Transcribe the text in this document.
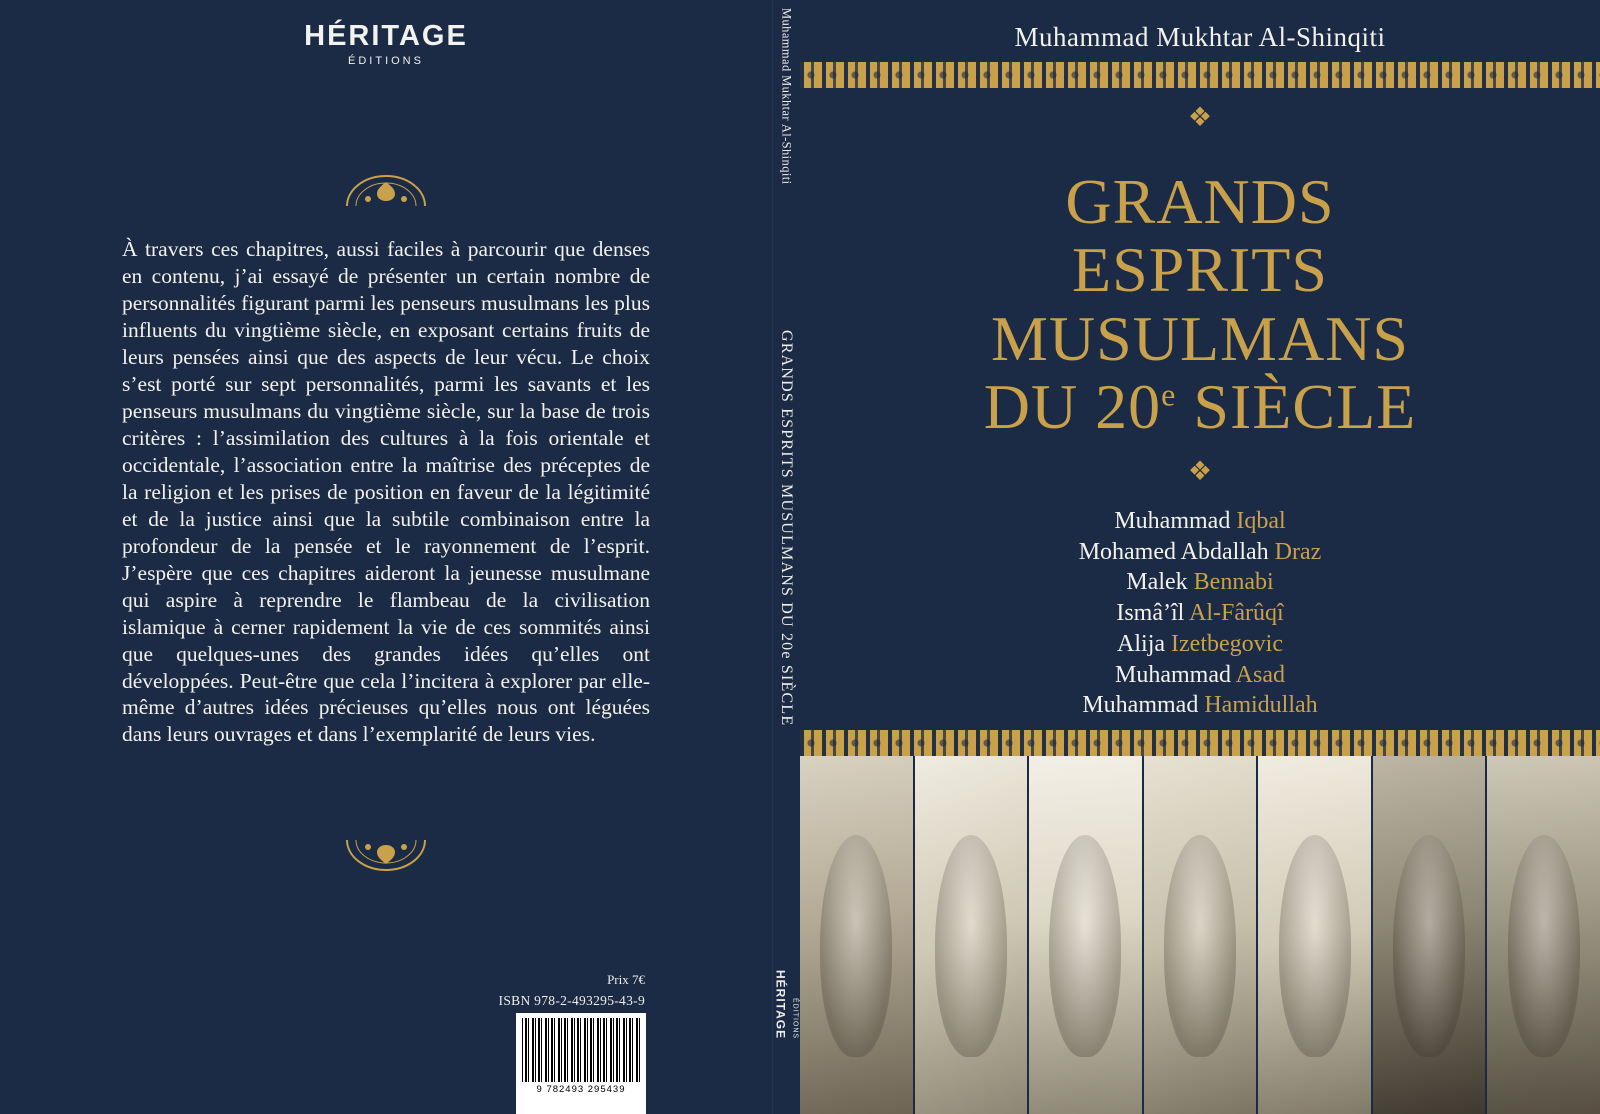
HÉRITAGE
ÉDITIONS
À travers ces chapitres, aussi faciles à parcourir que denses en contenu, j’ai essayé de présenter un certain nombre de personnalités figurant parmi les penseurs musulmans les plus influents du vingtième siècle, en exposant certains fruits de leurs pensées ainsi que des aspects de leur vécu. Le choix s’est porté sur sept personnalités, parmi les savants et les penseurs musulmans du vingtième siècle, sur la base de trois critères : l’assimilation des cultures à la fois orientale et occidentale, l’association entre la maîtrise des préceptes de la religion et les prises de position en faveur de la légitimité et de la justice ainsi que la subtile combinaison entre la profondeur de la pensée et le rayonnement de l’esprit. J’espère que ces chapitres aideront la jeunesse musulmane qui aspire à reprendre le flambeau de la civilisation islamique à cerner rapidement la vie de ces sommités ainsi que quelques-unes des grandes idées qu’elles ont développées. Peut-être que cela l’incitera à explorer par elle-même d’autres idées précieuses qu’elles nous ont léguées dans leurs ouvrages et dans l’exemplarité de leurs vies.
Prix 7€
ISBN 978-2-493295-43-9
9 782493 295439
Muhammad Mukhtar Al-Shinqiti
GRANDS ESPRITS MUSULMANS DU 20e SIÈCLE
HÉRITAGE ÉDITIONS
Muhammad Mukhtar Al-Shinqiti
❖
GRANDS
ESPRITS
MUSULMANS
DU 20e SIÈCLE
❖
Muhammad Iqbal
Mohamed Abdallah Draz
Malek Bennabi
Ismâ’îl Al-Fârûqî
Alija Izetbegovic
Muhammad Asad
Muhammad Hamidullah
